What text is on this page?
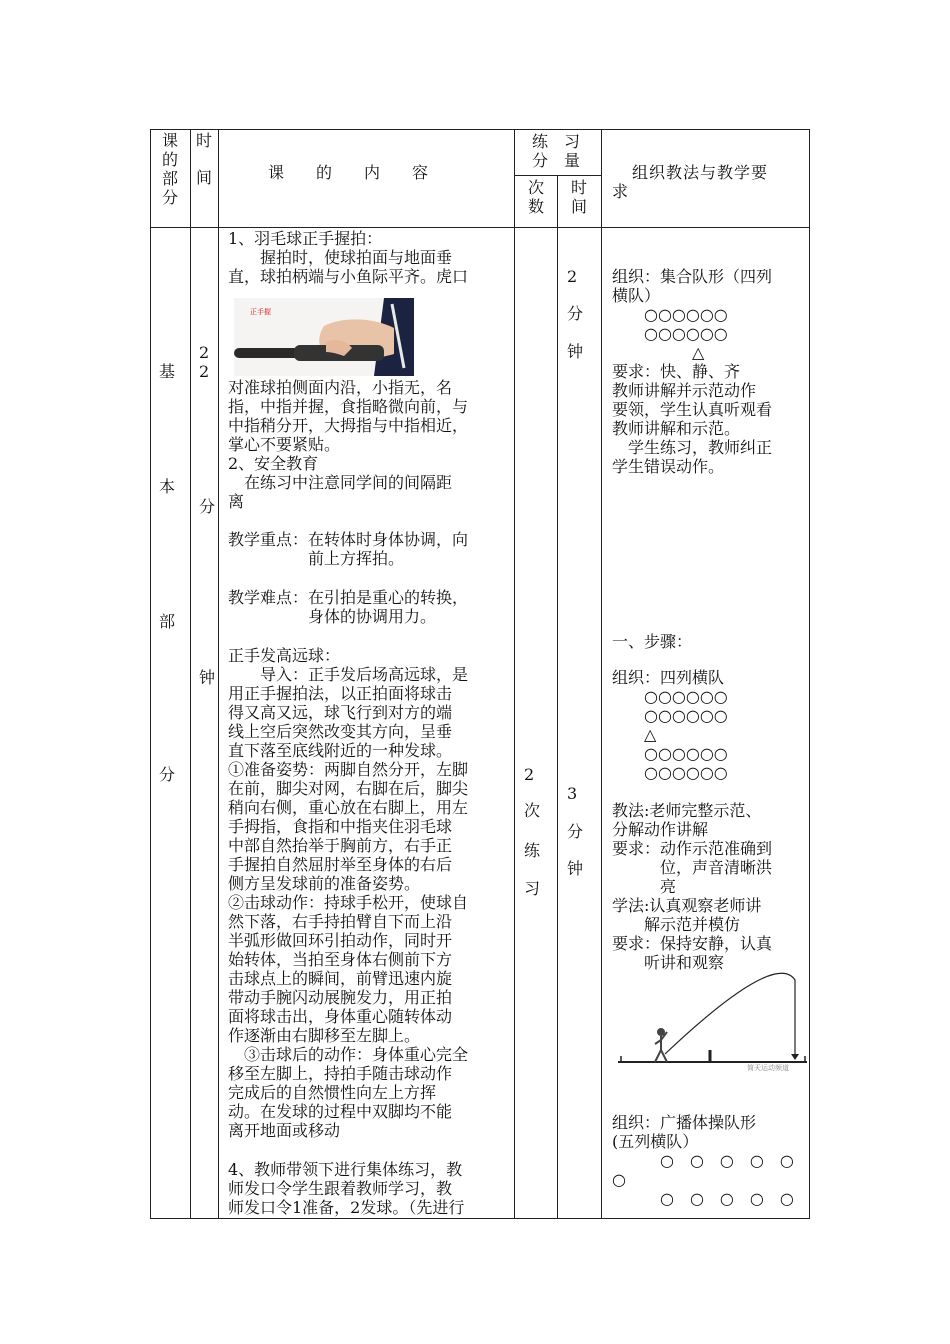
课
的
部
分
时
间	课　　的　　内　　容
练　习
分　量
次
数
时
间
组织教法与教学要
求
基
本
部
分
2
2
分
钟
1、羽毛球正手握拍：
　　握拍时，使球拍面与地面垂
直，球拍柄端与小鱼际平齐。虎口
对准球拍侧面内沿，小指无，名
指，中指并握，食指略微向前，与
中指稍分开，大拇指与中指相近，
掌心不要紧贴。
2、安全教育
　在练习中注意同学间的间隔距
离
教学重点：在转体时身体协调，向
　　　　　前上方挥拍。
教学难点：在引拍是重心的转换，
　　　　　身体的协调用力。
正手发高远球：
　　导入：正手发后场高远球，是
用正手握拍法，以正拍面将球击
得又高又远，球飞行到对方的端
线上空后突然改变其方向，呈垂
直下落至底线附近的一种发球。
①准备姿势：两脚自然分开，左脚
在前，脚尖对网，右脚在后，脚尖
稍向右侧，重心放在右脚上，用左
手拇指，食指和中指夹住羽毛球
中部自然抬举于胸前方，右手正
手握拍自然屈肘举至身体的右后
侧方呈发球前的准备姿势。
②击球动作：持球手松开，使球自
然下落，右手持拍臂自下而上沿
半弧形做回环引拍动作，同时开
始转体，当拍至身体右侧前下方
击球点上的瞬间，前臂迅速内旋
带动手腕闪动展腕发力，用正拍
面将球击出，身体重心随转体动
作逐渐由右脚移至左脚上。
　③击球后的动作：身体重心完全
移至左脚上，持拍手随击球动作
完成后的自然惯性向左上方挥
动。在发球的过程中双脚均不能
离开地面或移动
4、教师带领下进行集体练习，教
师发口令学生跟着教师学习，教
师发口令1准备，2发球。（先进行
正手握
2
次
练
习
2
分
钟
3
分
钟
组织：集合队形（四列
横队）
　　○○○○○○
　　○○○○○○
　　　　　△
要求：快、静、齐
教师讲解并示范动作
要领，学生认真听观看
教师讲解和示范。
　学生练习，教师纠正
学生错误动作。
一、步骤：
组织：四列横队
　　○○○○○○
　　○○○○○○
　　△
　　○○○○○○
　　○○○○○○
教法:老师完整示范、
分解动作讲解
要求：动作示范准确到
　　　位，声音清晰洪
　　　亮
学法:认真观察老师讲
　　解示范并模仿
要求：保持安静，认真
　　听讲和观察
组织：广播体操队形
(五列横队）
　　　○　○　○　○　○
○
　　　○　○　○　○　○
简天运动频道
